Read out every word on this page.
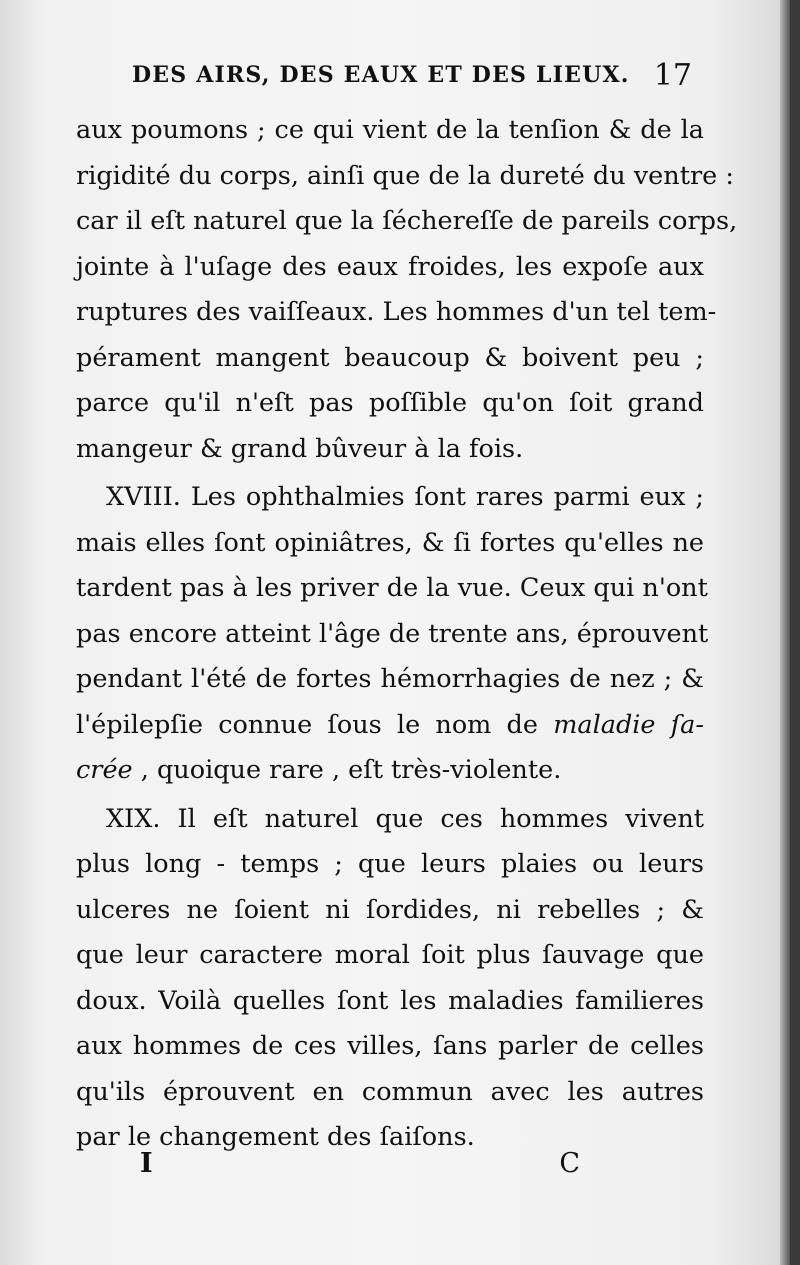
DES AIRS, DES EAUX ET DES LIEUX. 17
aux poumons ; ce qui vient de la tenſion & de la
rigidité du corps, ainſi que de la dureté du ventre :
car il eſt naturel que la ſéchereſſe de pareils corps,
jointe à l'uſage des eaux froides, les expoſe aux
ruptures des vaiſſeaux. Les hommes d'un tel tem-
pérament mangent beaucoup & boivent peu ;
parce qu'il n'eſt pas poſſible qu'on ſoit grand
mangeur & grand bûveur à la fois.
XVIII. Les ophthalmies ſont rares parmi eux ;
mais elles ſont opiniâtres, & ſi fortes qu'elles ne
tardent pas à les priver de la vue. Ceux qui n'ont
pas encore atteint l'âge de trente ans, éprouvent
pendant l'été de fortes hémorrhagies de nez ; &
l'épilepſie connue ſous le nom de maladie ſa-
crée , quoique rare , eſt très-violente.
XIX. Il eſt naturel que ces hommes vivent
plus long - temps ; que leurs plaies ou leurs
ulceres ne ſoient ni ſordides, ni rebelles ; &
que leur caractere moral ſoit plus ſauvage que
doux. Voilà quelles ſont les maladies familieres
aux hommes de ces villes, ſans parler de celles
qu'ils éprouvent en commun avec les autres
par le changement des ſaiſons.
I	C
